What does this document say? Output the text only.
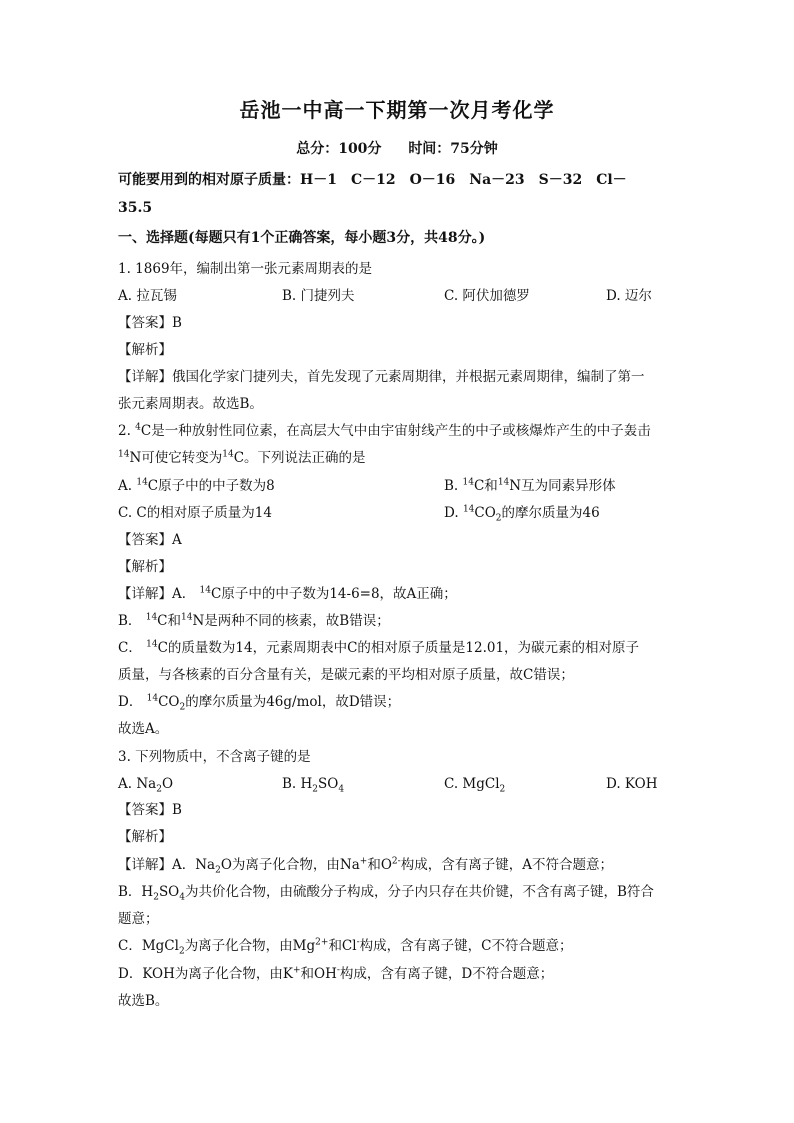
岳池一中高一下期第一次月考化学
总分：100分 时间：75分钟
可能要用到的相对原子质量：H－1　C－12　O－16　Na－23　S－32　Cl－
35.5
一、选择题(每题只有1个正确答案，每小题3分，共48分。)
1. 1869年，编制出第一张元素周期表的是
A. 拉瓦锡	B. 门捷列夫	C. 阿伏加德罗	D. 迈尔
【答案】B
【解析】
【详解】俄国化学家门捷列夫，首先发现了元素周期律，并根据元素周期律，编制了第一
张元素周期表。故选B。
2. $^4$C是一种放射性同位素，在高层大气中由宇宙射线产生的中子或核爆炸产生的中子轰击
$^{14}$N可使它转变为$^{14}$C。下列说法正确的是
A. $^{14}$C原子中的中子数为8	B. $^{14}$C和$^{14}$N互为同素异形体
C. C的相对原子质量为14	D. $^{14}CO_2$的摩尔质量为46
【答案】A
【解析】
【详解】A． $^{14}$C原子中的中子数为14-6=8，故A正确；
B． $^{14}$C和$^{14}$N是两种不同的核素，故B错误；
C． $^{14}$C的质量数为14，元素周期表中C的相对原子质量是12.01，为碳元素的相对原子
质量，与各核素的百分含量有关，是碳元素的平均相对原子质量，故C错误；
D． $^{14}CO_2$的摩尔质量为46g/mol，故D错误；
故选A。
3. 下列物质中，不含离子键的是
A. $Na_2O$	B. $H_2SO_4$	C. MgCl$_2$	D. KOH
【答案】B
【解析】
【详解】A．$Na_2O$为离子化合物，由Na+和$O^{2-}$构成，含有离子键，A不符合题意；
B．$H_2SO_4$为共价化合物，由硫酸分子构成，分子内只存在共价键，不含有离子键，B符合
题意；
C．MgCl$_2$为离子化合物，由$Mg^{2+}$和Cl-构成，含有离子键，C不符合题意；
D．KOH为离子化合物，由K+和OH-构成，含有离子键，D不符合题意；
故选B。
